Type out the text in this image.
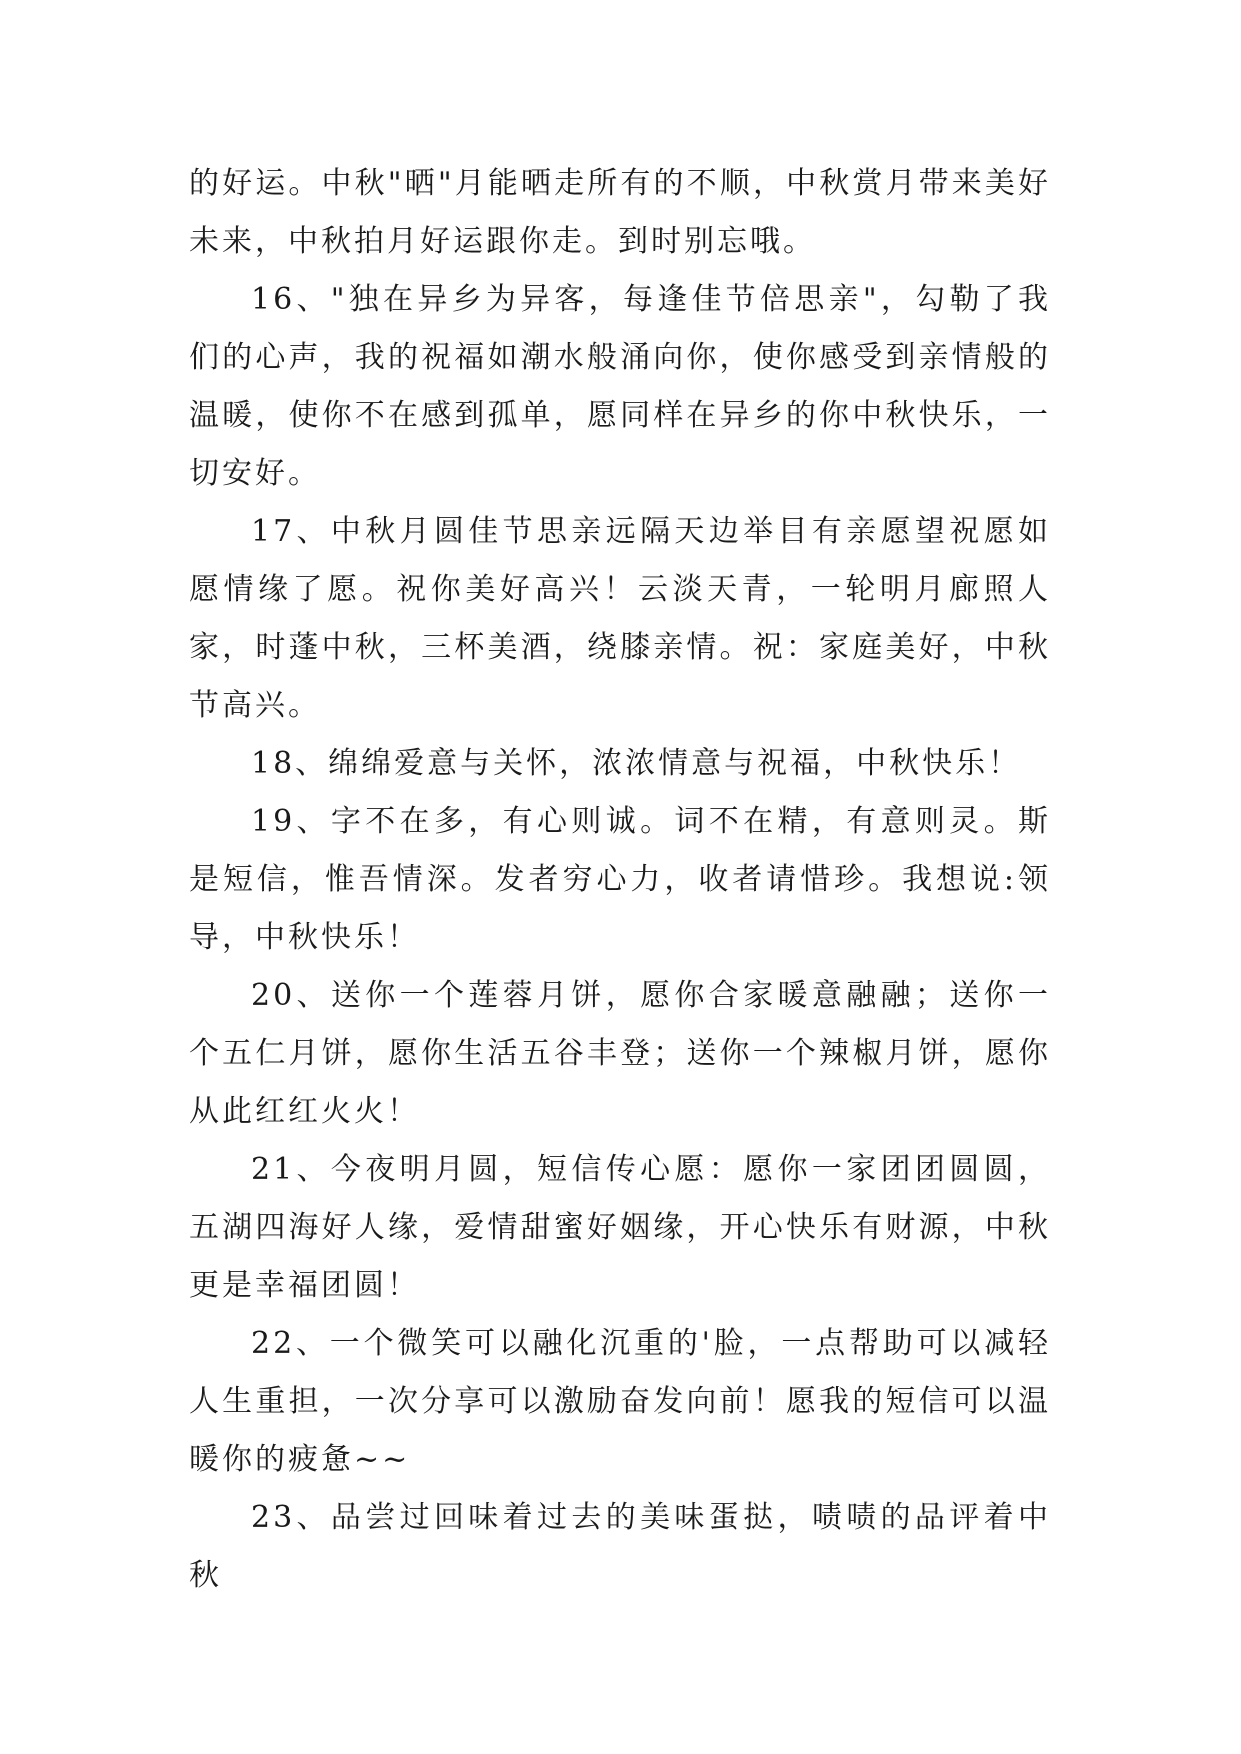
的好运。中秋"晒"月能晒走所有的不顺，中秋赏月带来美好未来，中秋拍月好运跟你走。到时别忘哦。

16、"独在异乡为异客，每逢佳节倍思亲"，勾勒了我们的心声，我的祝福如潮水般涌向你，使你感受到亲情般的温暖，使你不在感到孤单，愿同样在异乡的你中秋快乐，一切安好。

17、中秋月圆佳节思亲远隔天边举目有亲愿望祝愿如愿情缘了愿。祝你美好高兴！云淡天青，一轮明月廊照人家，时蓬中秋，三杯美酒，绕膝亲情。祝：家庭美好，中秋节高兴。

18、绵绵爱意与关怀，浓浓情意与祝福，中秋快乐！

19、字不在多，有心则诚。词不在精，有意则灵。斯是短信，惟吾情深。发者穷心力，收者请惜珍。我想说:领导，中秋快乐！

20、送你一个莲蓉月饼，愿你合家暖意融融；送你一个五仁月饼，愿你生活五谷丰登；送你一个辣椒月饼，愿你从此红红火火！

21、今夜明月圆，短信传心愿：愿你一家团团圆圆，五湖四海好人缘，爱情甜蜜好姻缘，开心快乐有财源，中秋更是幸福团圆！

22、一个微笑可以融化沉重的'脸，一点帮助可以减轻人生重担，一次分享可以激励奋发向前！愿我的短信可以温暖你的疲惫~~

23、品尝过回味着过去的美味蛋挞，啧啧的品评着中秋
